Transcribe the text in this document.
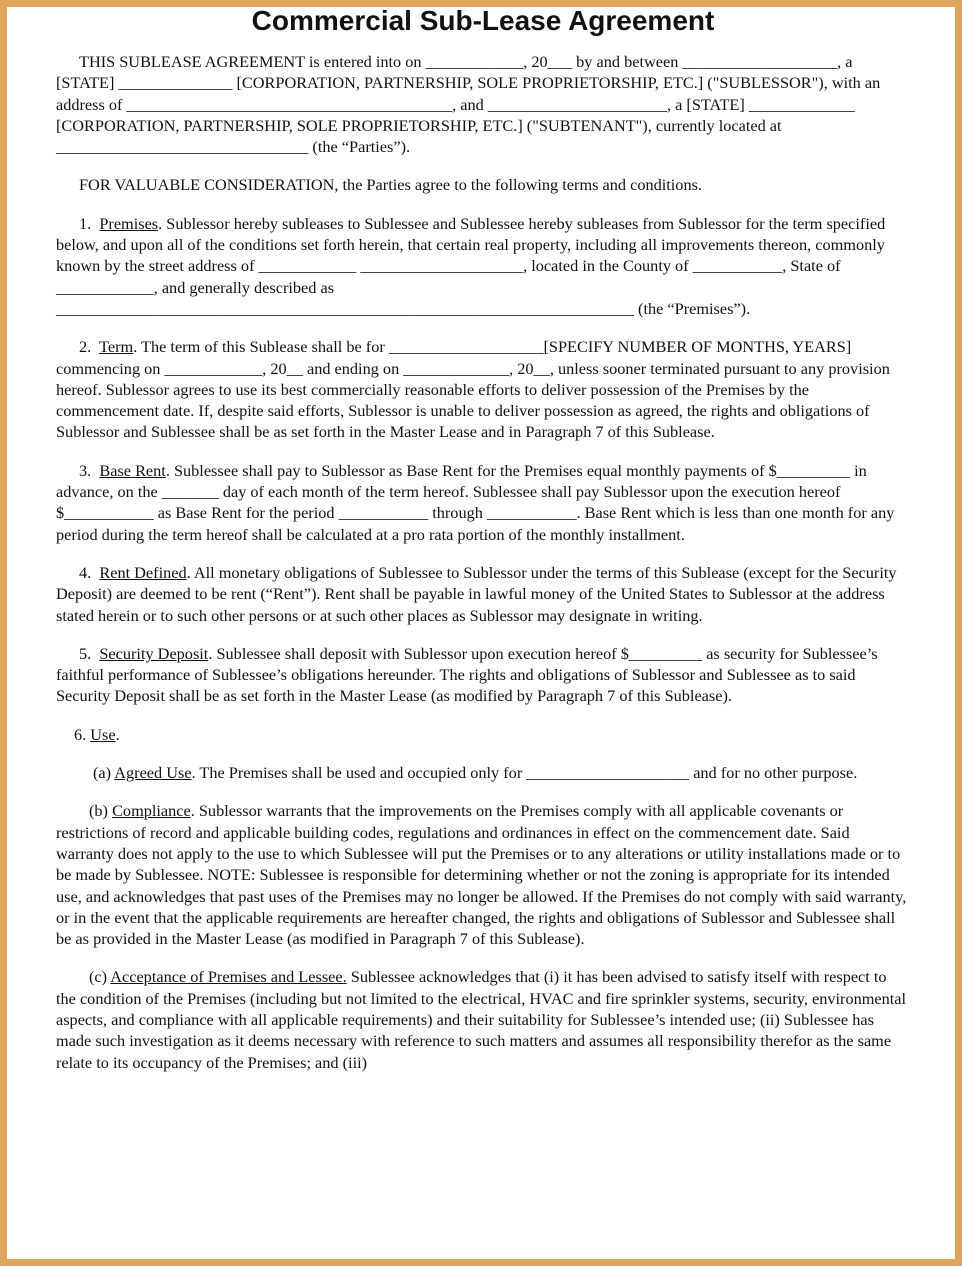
Commercial Sub-Lease Agreement

THIS SUBLEASE AGREEMENT is entered into on ____________, 20___ by and between ___________________, a [STATE] ______________ [CORPORATION, PARTNERSHIP, SOLE PROPRIETORSHIP, ETC.] ("SUBLESSOR"), with an address of ________________________________________, and ______________________, a [STATE] _____________ [CORPORATION, PARTNERSHIP, SOLE PROPRIETORSHIP, ETC.] ("SUBTENANT"), currently located at _______________________________ (the “Parties”).

FOR VALUABLE CONSIDERATION, the Parties agree to the following terms and conditions.

1. Premises. Sublessor hereby subleases to Sublessee and Sublessee hereby subleases from Sublessor for the term specified below, and upon all of the conditions set forth herein, that certain real property, including all improvements thereon, commonly known by the street address of ____________ ____________________, located in the County of ___________, State of ____________, and generally described as _______________________________________________________________________ (the “Premises”).

2. Term. The term of this Sublease shall be for ___________________[SPECIFY NUMBER OF MONTHS, YEARS] commencing on ____________, 20__ and ending on _____________, 20__, unless sooner terminated pursuant to any provision hereof. Sublessor agrees to use its best commercially reasonable efforts to deliver possession of the Premises by the commencement date. If, despite said efforts, Sublessor is unable to deliver possession as agreed, the rights and obligations of Sublessor and Sublessee shall be as set forth in the Master Lease and in Paragraph 7 of this Sublease.

3. Base Rent. Sublessee shall pay to Sublessor as Base Rent for the Premises equal monthly payments of $_________ in advance, on the _______ day of each month of the term hereof. Sublessee shall pay Sublessor upon the execution hereof $___________ as Base Rent for the period ___________ through ___________. Base Rent which is less than one month for any period during the term hereof shall be calculated at a pro rata portion of the monthly installment.

4. Rent Defined. All monetary obligations of Sublessee to Sublessor under the terms of this Sublease (except for the Security Deposit) are deemed to be rent (“Rent”). Rent shall be payable in lawful money of the United States to Sublessor at the address stated herein or to such other persons or at such other places as Sublessor may designate in writing.

5. Security Deposit. Sublessee shall deposit with Sublessor upon execution hereof $_________ as security for Sublessee’s faithful performance of Sublessee’s obligations hereunder. The rights and obligations of Sublessor and Sublessee as to said Security Deposit shall be as set forth in the Master Lease (as modified by Paragraph 7 of this Sublease).

6. Use.

(a) Agreed Use. The Premises shall be used and occupied only for ____________________ and for no other purpose.

(b) Compliance. Sublessor warrants that the improvements on the Premises comply with all applicable covenants or restrictions of record and applicable building codes, regulations and ordinances in effect on the commencement date. Said warranty does not apply to the use to which Sublessee will put the Premises or to any alterations or utility installations made or to be made by Sublessee. NOTE: Sublessee is responsible for determining whether or not the zoning is appropriate for its intended use, and acknowledges that past uses of the Premises may no longer be allowed. If the Premises do not comply with said warranty, or in the event that the applicable requirements are hereafter changed, the rights and obligations of Sublessor and Sublessee shall be as provided in the Master Lease (as modified in Paragraph 7 of this Sublease).

(c) Acceptance of Premises and Lessee. Sublessee acknowledges that (i) it has been advised to satisfy itself with respect to the condition of the Premises (including but not limited to the electrical, HVAC and fire sprinkler systems, security, environmental aspects, and compliance with all applicable requirements) and their suitability for Sublessee’s intended use; (ii) Sublessee has made such investigation as it deems necessary with reference to such matters and assumes all responsibility therefor as the same relate to its occupancy of the Premises; and (iii)
